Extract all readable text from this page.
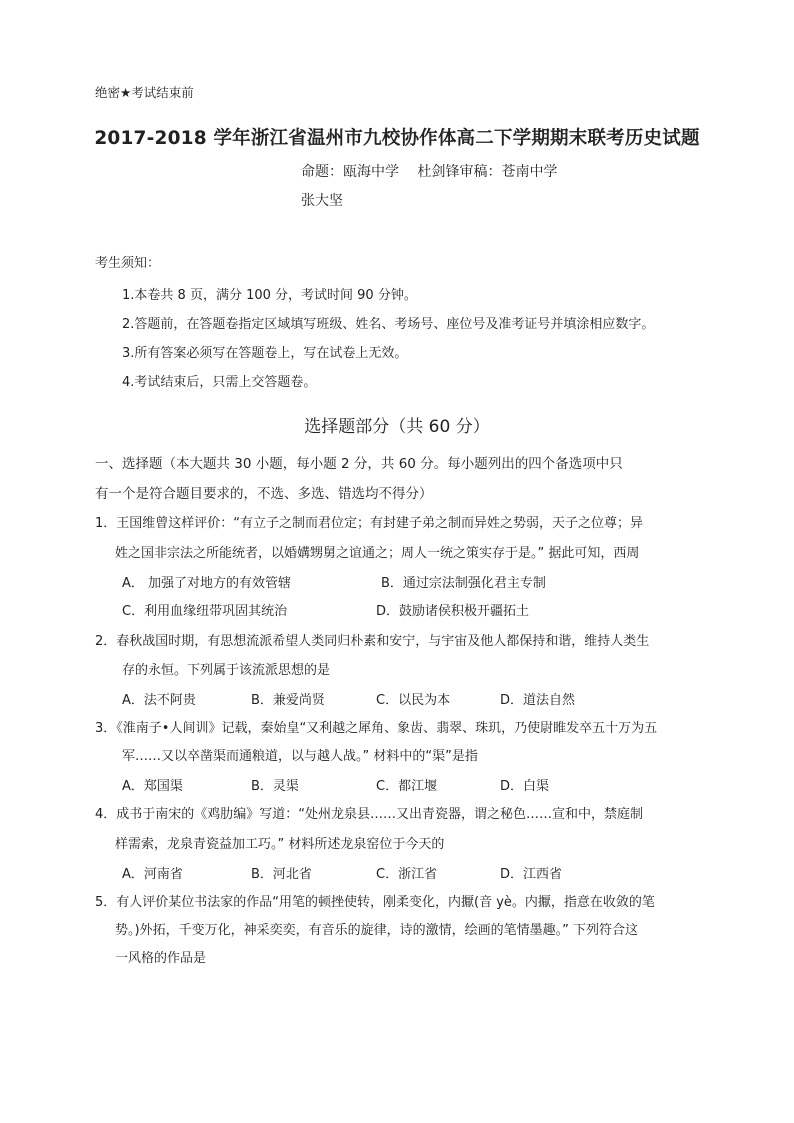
绝密★考试结束前
2017-2018 学年浙江省温州市九校协作体高二下学期期末联考历史试题
命题：瓯海中学　 杜剑锋审稿：苍南中学
张大坚
考生须知：
1.本卷共 8 页，满分 100 分，考试时间 90 分钟。
2.答题前，在答题卷指定区域填写班级、姓名、考场号、座位号及准考证号并填涂相应数字。
3.所有答案必须写在答题卷上，写在试卷上无效。
4.考试结束后，只需上交答题卷。
选择题部分（共 60 分）
一、选择题（本大题共 30 小题，每小题 2 分，共 60 分。每小题列出的四个备选项中只
有一个是符合题目要求的，不选、多选、错选均不得分）
1．王国维曾这样评价：“有立子之制而君位定；有封建子弟之制而异姓之势弱，天子之位尊；异
姓之国非宗法之所能统者，以婚媾甥舅之谊通之；周人一统之策实存于是。” 据此可知，西周
A． 加强了对地方的有效管辖	B．通过宗法制强化君主专制
C．利用血缘纽带巩固其统治	D．鼓励诸侯积极开疆拓土
2．春秋战国时期，有思想流派希望人类同归朴素和安宁，与宇宙及他人都保持和谐，维持人类生
存的永恒。下列属于该流派思想的是
A．法不阿贵	B．兼爱尚贤	C．以民为本	D．道法自然
3．《淮南子•人间训》记载，秦始皇“又利越之犀角、象齿、翡翠、珠玑，乃使尉睢发卒五十万为五
军……又以卒凿渠而通粮道，以与越人战。” 材料中的“渠”是指
A．郑国渠	B．灵渠	C．都江堰	D．白渠
4．成书于南宋的《鸡肋编》写道：“处州龙泉县……又出青瓷器，谓之秘色……宣和中，禁庭制
样需索，龙泉青瓷益加工巧。” 材料所述龙泉窑位于今天的
A．河南省	B．河北省	C．浙江省	D．江西省
5．有人评价某位书法家的作品“用笔的顿挫使转，刚柔变化，内擫(音 yè。内擫，指意在收敛的笔
势。)外拓，千变万化，神采奕奕，有音乐的旋律，诗的激情，绘画的笔情墨趣。” 下列符合这
一风格的作品是
